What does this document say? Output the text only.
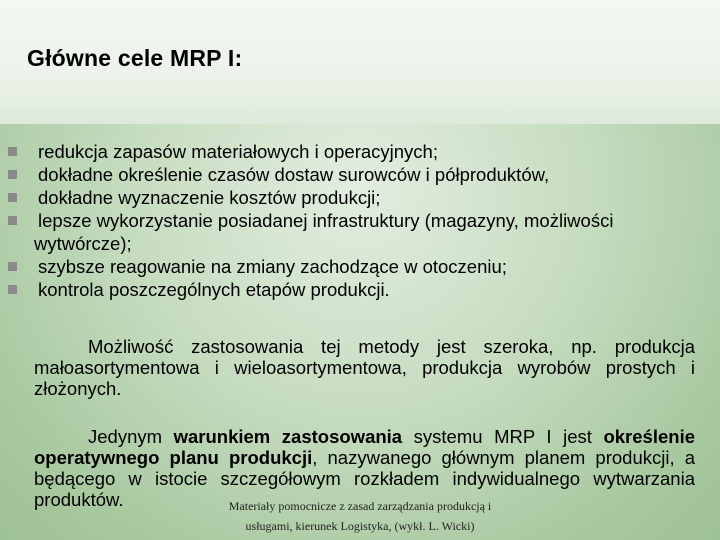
Główne cele MRP I:
redukcja zapasów materiałowych i operacyjnych;
dokładne określenie czasów dostaw surowców i półproduktów,
dokładne wyznaczenie kosztów produkcji;
lepsze wykorzystanie posiadanej infrastruktury (magazyny, możliwości wytwórcze);
szybsze reagowanie na zmiany zachodzące w otoczeniu;
kontrola poszczególnych etapów produkcji.
Możliwość zastosowania tej metody jest szeroka, np. produkcja małoasortymentowa i wieloasortymentowa, produkcja wyrobów prostych i złożonych.
Jedynym warunkiem zastosowania systemu MRP I jest określenie operatywnego planu produkcji, nazywanego głównym planem produkcji, a będącego w istocie szczegółowym rozkładem indywidualnego wytwarzania produktów.	Materiały pomocnicze z zasad zarządzania produkcją i
usługami, kierunek Logistyka, (wykł. L. Wicki)
